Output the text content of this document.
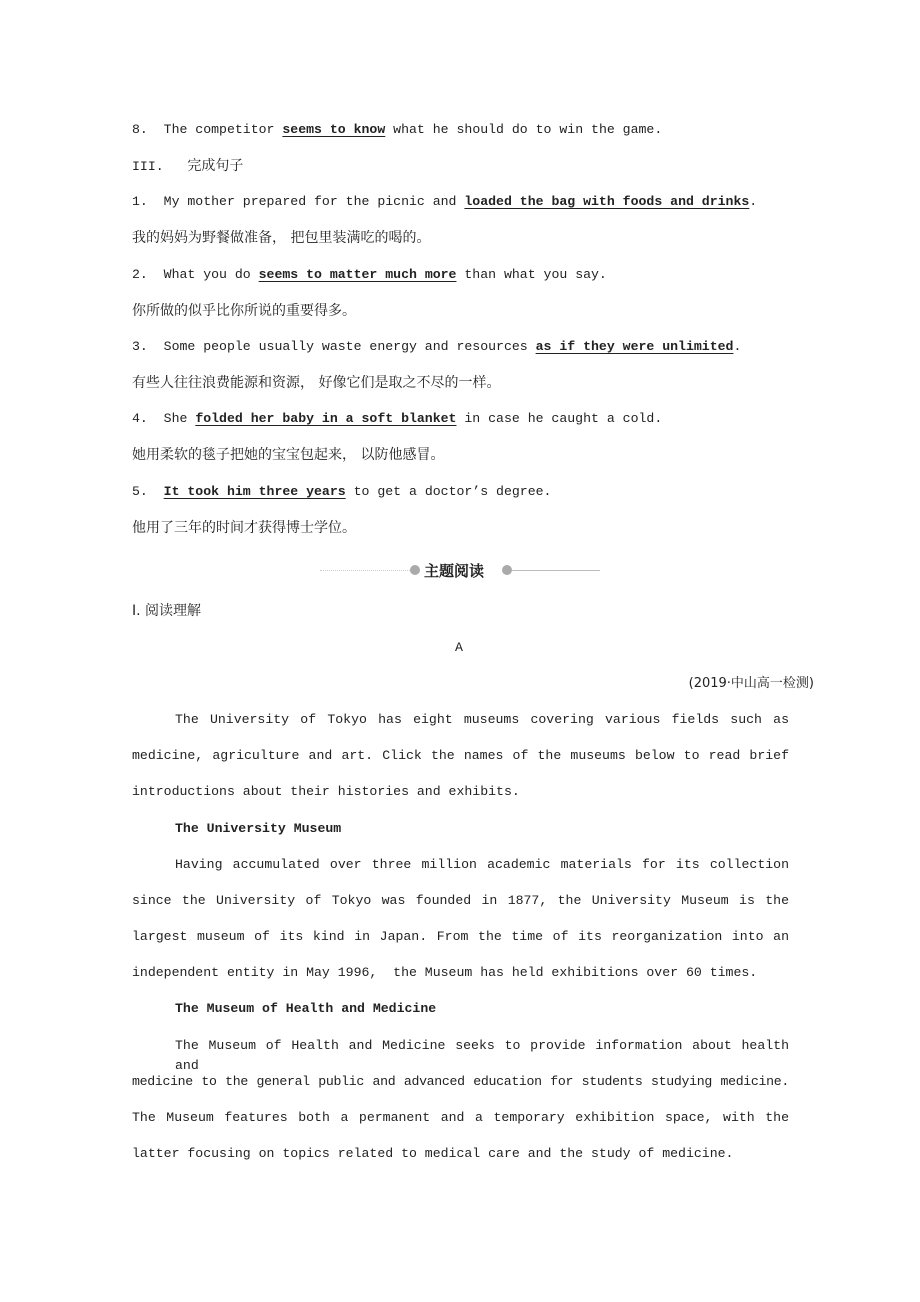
8. The competitor seems to know what he should do to win the game.
III. 完成句子
1. My mother prepared for the picnic and loaded the bag with foods and drinks.
我的妈妈为野餐做准备， 把包里装满吃的喝的。
2. What you do seems to matter much more than what you say.
你所做的似乎比你所说的重要得多。
3. Some people usually waste energy and resources as if they were unlimited.
有些人往往浪费能源和资源， 好像它们是取之不尽的一样。
4. She folded her baby in a soft blanket in case he caught a cold.
她用柔软的毯子把她的宝宝包起来， 以防他感冒。
5. It took him three years to get a doctor’s degree.
他用了三年的时间才获得博士学位。
主题阅读
Ⅰ. 阅读理解
A
(2019·中山高一检测)
The University of Tokyo has eight museums covering various fields such as
medicine, agriculture and art. Click the names of the museums below to read brief
introductions about their histories and exhibits.
The University Museum
Having accumulated over three million academic materials for its collection
since the University of Tokyo was founded in 1877, the University Museum is the
largest museum of its kind in Japan. From the time of its reorganization into an
independent entity in May 1996,  the Museum has held exhibitions over 60 times.
The Museum of Health and Medicine
The Museum of Health and Medicine seeks to provide information about health and
medicine to the general public and advanced education for students studying medicine.
The Museum features both a permanent and a temporary exhibition space, with the
latter focusing on topics related to medical care and the study of medicine.
